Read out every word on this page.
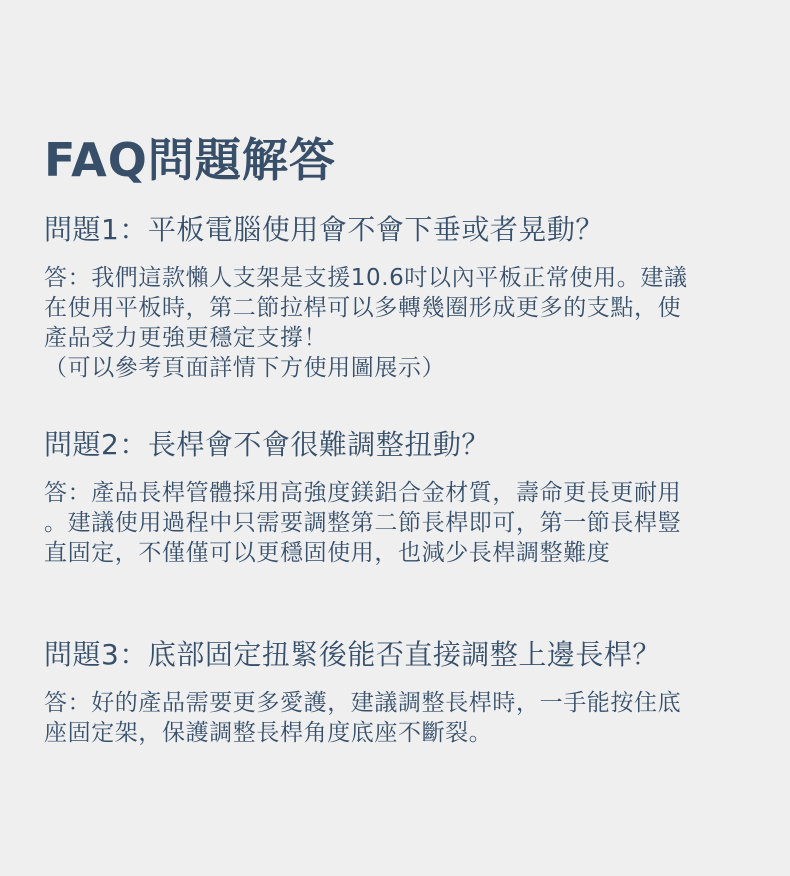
FAQ問題解答
問題1：平板電腦使用會不會下垂或者晃動？

答：我們這款懶人支架是支援10.6吋以內平板正常使用。建議

在使用平板時，第二節拉桿可以多轉幾圈形成更多的支點，使

產品受力更強更穩定支撐！

（可以參考頁面詳情下方使用圖展示）

問題2：長桿會不會很難調整扭動？

答：產品長桿管體採用高強度鎂鋁合金材質，壽命更長更耐用

。建議使用過程中只需要調整第二節長桿即可，第一節長桿豎

直固定，不僅僅可以更穩固使用，也減少長桿調整難度

問題3：底部固定扭緊後能否直接調整上邊長桿？

答：好的產品需要更多愛護，建議調整長桿時，一手能按住底

座固定架，保護調整長桿角度底座不斷裂。
